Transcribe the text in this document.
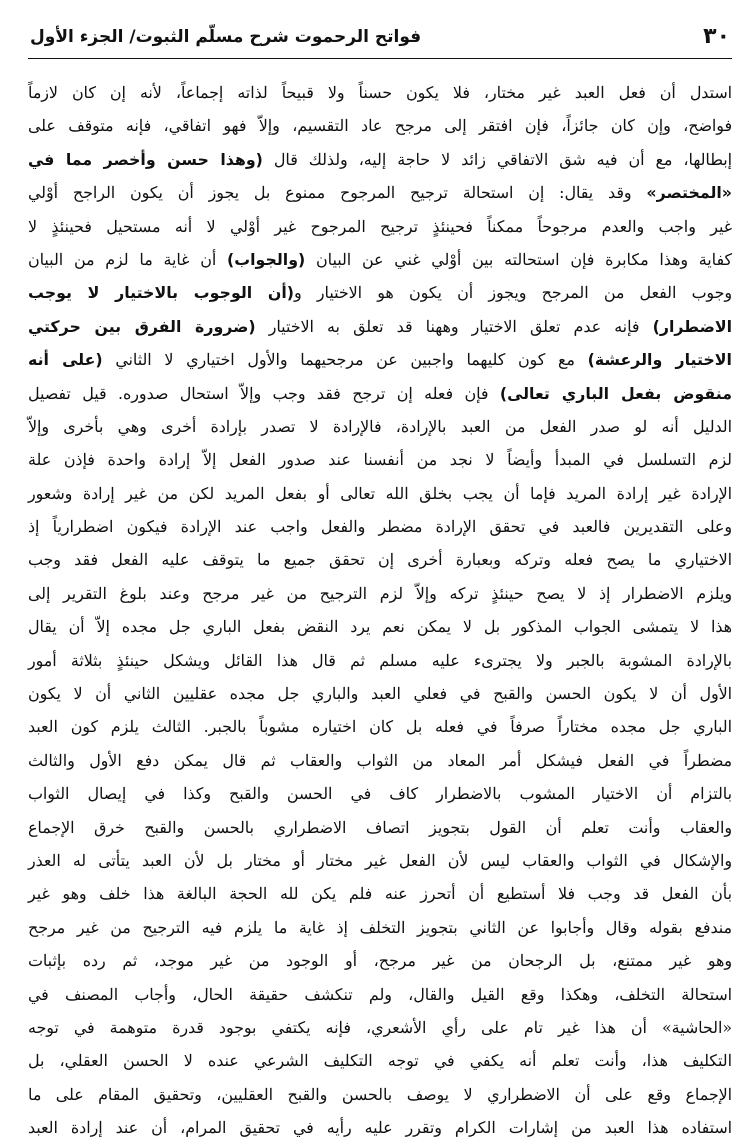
٣٠
فواتح الرحموت شرح مسلّم الثبوت/ الجزء الأول
استدل أن فعل العبد غير مختار، فلا يكون حسناً ولا قبيحاً لذاته إجماعاً، لأنه إن كان لازماً
فواضح، وإن كان جائزاً، فإن افتقر إلى مرجح عاد التقسيم، وإلاّ فهو اتفاقي، فإنه متوقف على
إبطالها، مع أن فيه شق الاتفاقي زائد لا حاجة إليه، ولذلك قال (وهذا حسن وأخصر مما في
«المختصر» وقد يقال: إن استحالة ترجيح المرجوح ممنوع بل يجوز أن يكون الراجح أوْلي
غير واجب والعدم مرجوحاً ممكناً فحينئذٍ ترجيح المرجوح غير أوْلي لا أنه مستحيل فحينئذٍ لا
كفاية وهذا مكابرة فإن استحالته بين أوْلي غني عن البيان (والجواب) أن غاية ما لزم من البيان
وجوب الفعل من المرجح ويجوز أن يكون هو الاختيار و(أن الوجوب بالاختيار لا يوجب
الاضطرار) فإنه عدم تعلق الاختيار وههنا قد تعلق به الاختيار (ضرورة الفرق بين حركتي
الاختيار والرعشة) مع كون كليهما واجبين عن مرجحيهما والأول اختياري لا الثاني (على أنه
منقوض بفعل الباري تعالى) فإن فعله إن ترجح فقد وجب وإلاّ استحال صدوره. قيل تفصيل
الدليل أنه لو صدر الفعل من العبد بالإرادة، فالإرادة لا تصدر بإرادة أخرى وهي بأخرى وإلاّ
لزم التسلسل في المبدأ وأيضاً لا نجد من أنفسنا عند صدور الفعل إلاّ إرادة واحدة فإذن علة
الإرادة غير إرادة المريد فإما أن يجب بخلق الله تعالى أو بفعل المريد لكن من غير إرادة وشعور
وعلى التقديرين فالعبد في تحقق الإرادة مضطر والفعل واجب عند الإرادة فيكون اضطرارياً إذ
الاختياري ما يصح فعله وتركه وبعبارة أخرى إن تحقق جميع ما يتوقف عليه الفعل فقد وجب
ويلزم الاضطرار إذ لا يصح حينئذٍ تركه وإلاّ لزم الترجيح من غير مرجح وعند بلوغ التقرير إلى
هذا لا يتمشى الجواب المذكور بل لا يمكن نعم يرد النقض بفعل الباري جل مجده إلاّ أن يقال
بالإرادة المشوبة بالجبر ولا يجترىء عليه مسلم ثم قال هذا القائل ويشكل حينئذٍ بثلاثة أمور
الأول أن لا يكون الحسن والقبح في فعلي العبد والباري جل مجده عقليين الثاني أن لا يكون
الباري جل مجده مختاراً صرفاً في فعله بل كان اختياره مشوباً بالجبر. الثالث يلزم كون العبد
مضطراً في الفعل فيشكل أمر المعاد من الثواب والعقاب ثم قال يمكن دفع الأول والثالث
بالتزام أن الاختيار المشوب بالاضطرار كاف في الحسن والقبح وكذا في إيصال الثواب
والعقاب وأنت تعلم أن القول بتجويز اتصاف الاضطراري بالحسن والقبح خرق الإجماع
والإشكال في الثواب والعقاب ليس لأن الفعل غير مختار أو مختار بل لأن العبد يتأتى له العذر
بأن الفعل قد وجب فلا أستطيع أن أتحرز عنه فلم يكن لله الحجة البالغة هذا خلف وهو غير
مندفع بقوله وقال وأجابوا عن الثاني بتجويز التخلف إذ غاية ما يلزم فيه الترجيح من غير مرجح
وهو غير ممتنع، بل الرجحان من غير مرجح، أو الوجود من غير موجد، ثم رده بإثبات
استحالة التخلف، وهكذا وقع القيل والقال، ولم تنكشف حقيقة الحال، وأجاب المصنف في
«الحاشية» أن هذا غير تام على رأي الأشعري، فإنه يكتفي بوجود قدرة متوهمة في توجه
التكليف هذا، وأنت تعلم أنه يكفي في توجه التكليف الشرعي عنده لا الحسن العقلي، بل
الإجماع وقع على أن الاضطراري لا يوصف بالحسن والقبح العقليين، وتحقيق المقام على ما
استفاده هذا العبد من إشارات الكرام وتقرر عليه رأيه في تحقيق المرام، أن عند إرادة العبد
